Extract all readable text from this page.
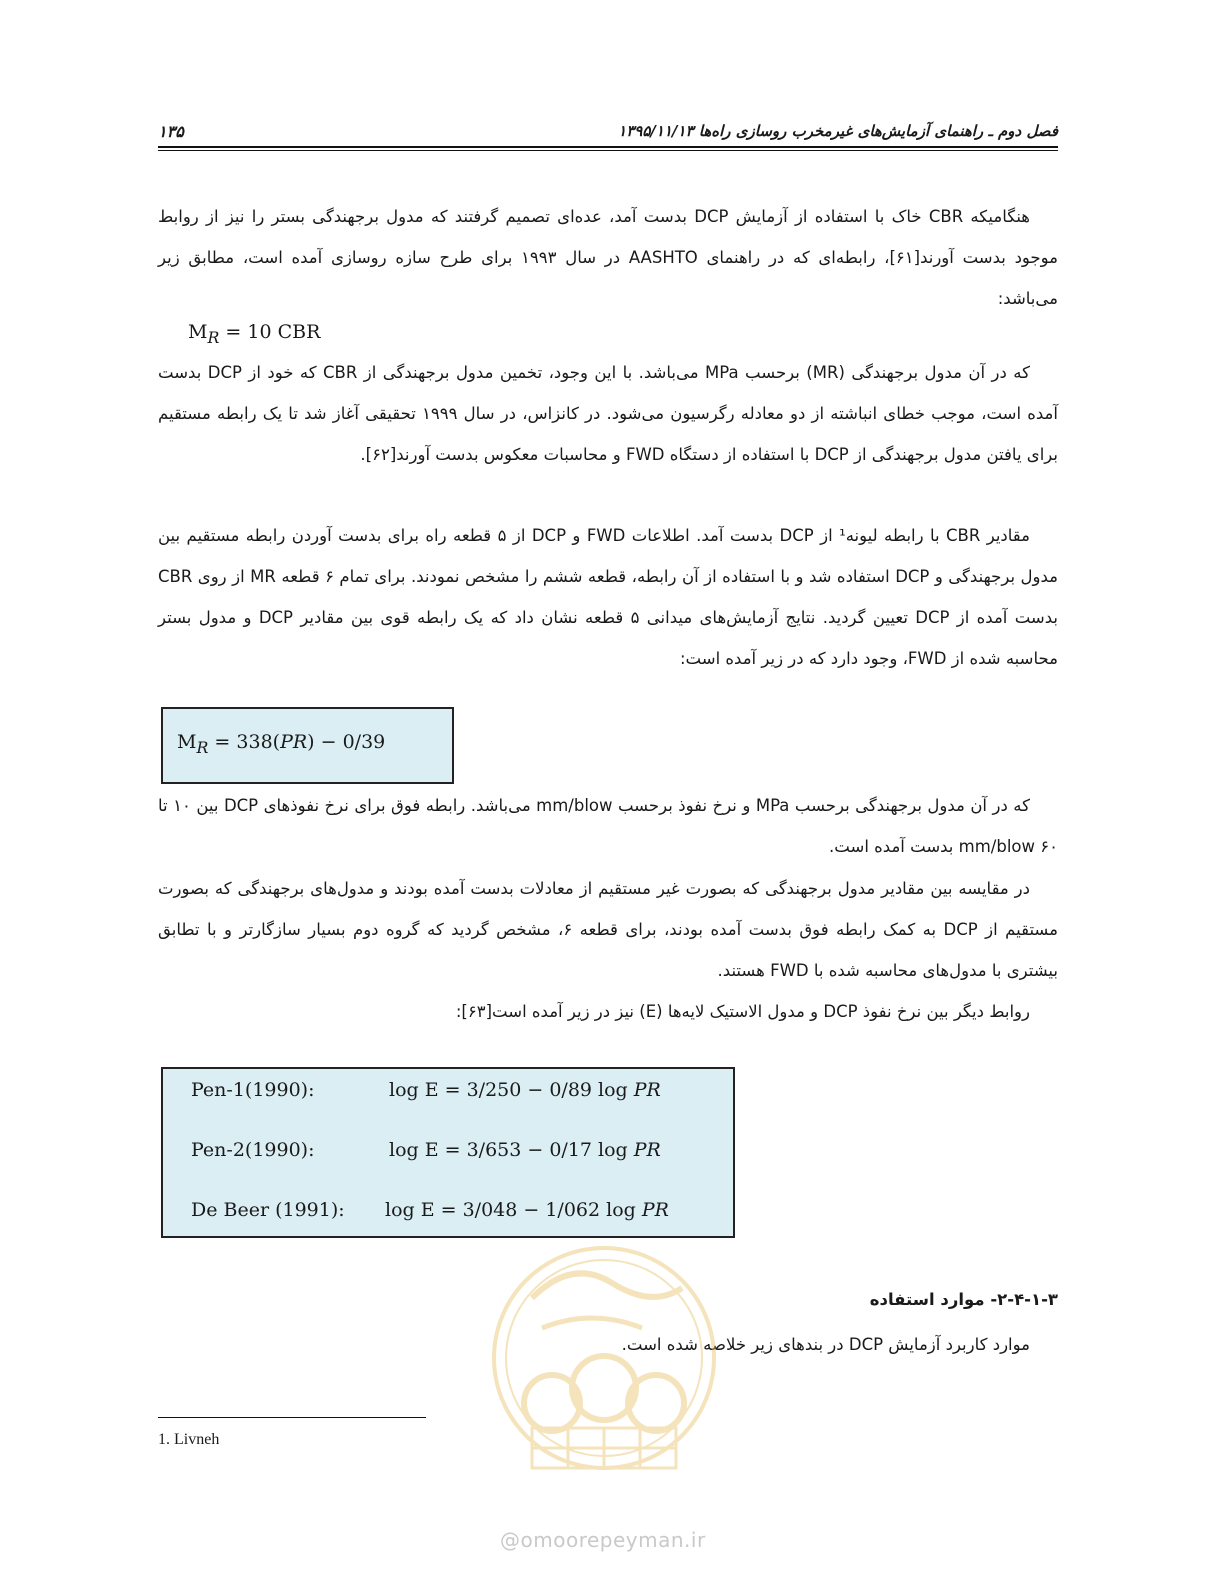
فصل دوم ـ راهنمای آزمایش‌های غیرمخرب روسازی راه‌ها ۱۳۹۵/۱۱/۱۳
۱۳۵
هنگامیکه CBR خاک با استفاده از آزمایش DCP بدست آمد، عده‌ای تصمیم گرفتند که مدول برجهندگی بستر را نیز از روابط موجود بدست آورند[۶۱]، رابطه‌ای که در راهنمای AASHTO در سال ۱۹۹۳ برای طرح سازه روسازی آمده است، مطابق زیر می‌باشد:
$M_R = 10$ CBR
که در آن مدول برجهندگی (MR) برحسب MPa می‌باشد. با این وجود، تخمین مدول برجهندگی از CBR که خود از DCP بدست آمده است، موجب خطای انباشته از دو معادله رگرسیون می‌شود. در کانزاس، در سال ۱۹۹۹ تحقیقی آغاز شد تا یک رابطه مستقیم برای یافتن مدول برجهندگی از DCP با استفاده از دستگاه FWD و محاسبات معکوس بدست آورند[۶۲].
مقادیر CBR با رابطه لیونه¹ از DCP بدست آمد. اطلاعات FWD و DCP از ۵ قطعه راه برای بدست آوردن رابطه مستقیم بین مدول برجهندگی و DCP استفاده شد و با استفاده از آن رابطه، قطعه ششم را مشخص نمودند. برای تمام ۶ قطعه MR از روی CBR بدست آمده از DCP تعیین گردید. نتایج آزمایش‌های میدانی ۵ قطعه نشان داد که یک رابطه قوی بین مقادیر DCP و مدول بستر محاسبه شده از FWD، وجود دارد که در زیر آمده است:
$M_R = 338(PR) - 0/39$
که در آن مدول برجهندگی برحسب MPa و نرخ نفوذ برحسب mm/blow می‌باشد. رابطه فوق برای نرخ نفوذهای DCP بین ۱۰ تا ۶۰ mm/blow بدست آمده است.
در مقایسه بین مقادیر مدول برجهندگی که بصورت غیر مستقیم از معادلات بدست آمده بودند و مدول‌های برجهندگی که بصورت مستقیم از DCP به کمک رابطه فوق بدست آمده بودند، برای قطعه ۶، مشخص گردید که گروه دوم بسیار سازگارتر و با تطابق بیشتری با مدول‌های محاسبه شده با FWD هستند.
روابط دیگر بین نرخ نفوذ DCP و مدول الاستیک لایه‌ها (E) نیز در زیر آمده است[۶۳]:
Pen-1(1990):	log E = 3/250 − 0/89 log PR
Pen-2(1990):	log E = 3/653 − 0/17 log PR
De Beer (1991): log E = 3/048 − 1/062 log PR
۲-۴-۱-۳- موارد استفاده
موارد کاربرد آزمایش DCP در بندهای زیر خلاصه شده است.
1. Livneh
@omoorepeyman.ir
